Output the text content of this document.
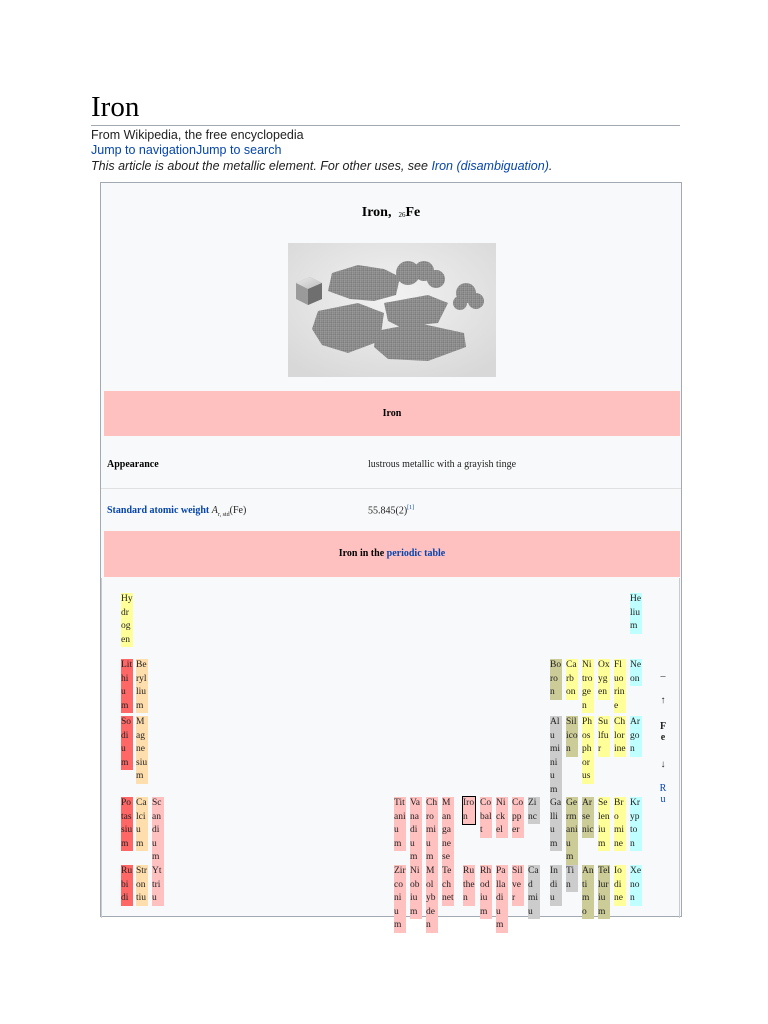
Iron
From Wikipedia, the free encyclopedia
Jump to navigationJump to search
This article is about the metallic element. For other uses, see Iron (disambiguation).
Iron, $_{26}$Fe
Iron
Appearance	lustrous metallic with a grayish tinge
Standard atomic weight $A_{r, std}(Fe)$	55.845(2)[1]
Iron in the periodic table
Hydrogen
Helium
Lithium
Beryllium
Boron
Carbon
Nitrogen
Oxygen
Fluorine
Neon
Sodium
Magnesium
Aluminium
Silicon
Phosphorus
Sulfur
Chlorine
Argon
Potassium
Calcium
Scandium
Titanium
Vanadium
Chromium
Manganese
Iron
Cobalt
Nickel
Copper
Zinc
Gallium
Germanium
Arsenic
Selenium
Bromine
Krypton
Rubidi
Strontiu
Yttriu
Zirconium
Niobium
Molybden
Technet
Ruthen
Rhodium
Palladium
Silver
Cadmiu
Indiu
Tin
Antimo
Tellurium
Iodine
Xenon
–
↑
Fe
↓
Ru
